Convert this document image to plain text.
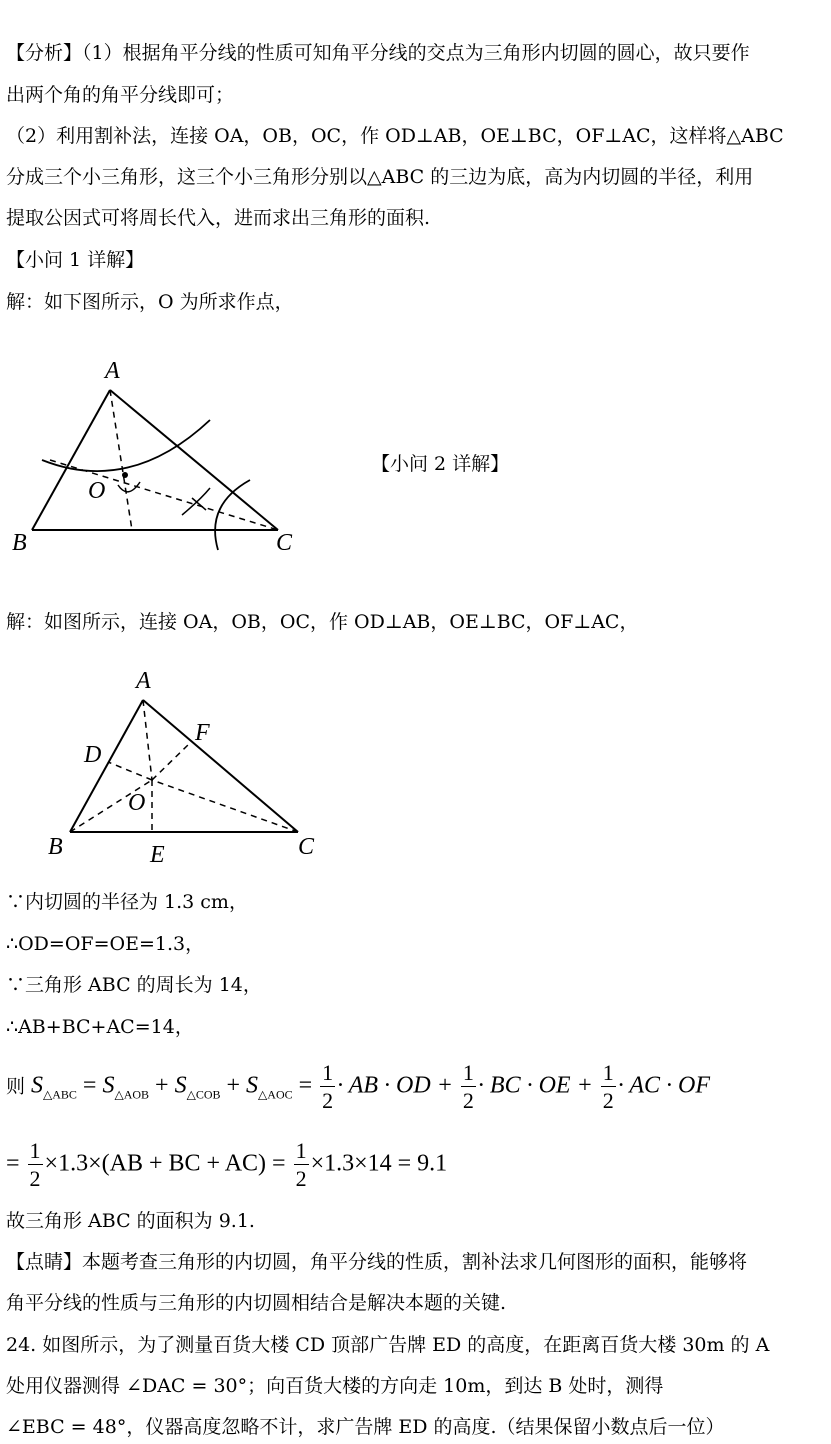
【分析】（1）根据角平分线的性质可知角平分线的交点为三角形内切圆的圆心，故只要作
出两个角的角平分线即可；
（2）利用割补法，连接 OA，OB，OC，作 OD⊥AB，OE⊥BC，OF⊥AC，这样将△ABC
分成三个小三角形，这三个小三角形分别以△ABC 的三边为底，高为内切圆的半径，利用
提取公因式可将周长代入，进而求出三角形的面积.
【小问 1 详解】
解：如下图所示，O 为所求作点，
A
B	C
O
【小问 2 详解】
解：如图所示，连接 OA，OB，OC，作 OD⊥AB，OE⊥BC，OF⊥AC，
A
B	C
D
E
F
O
∵内切圆的半径为 1.3 cm，
∴OD=OF=OE=1.3，
∵三角形 ABC 的周长为 14，
∴AB+BC+AC=14，
则 $S_{\triangle ABC} = S_{\triangle AOB} + S_{\triangle COB} + S_{\triangle AOC} = \frac{1}{2}$ · AB · OD + $\frac{1}{2}$ · BC · OE + $\frac{1}{2}$ · AC · OF
= $\frac{1}{2} \times 1.3\times(AB$ + BC + $AC) = \frac{1}{2} \times 1.3\times 14 = 9.1$
故三角形 ABC 的面积为 9.1.
【点睛】本题考查三角形的内切圆，角平分线的性质，割补法求几何图形的面积，能够将
角平分线的性质与三角形的内切圆相结合是解决本题的关键.
24. 如图所示，为了测量百货大楼 CD 顶部广告牌 ED 的高度，在距离百货大楼 30m 的 A
处用仪器测得 ∠DAC = 30°；向百货大楼的方向走 10m，到达 B 处时，测得
∠EBC = 48°，仪器高度忽略不计，求广告牌 ED 的高度.（结果保留小数点后一位）
